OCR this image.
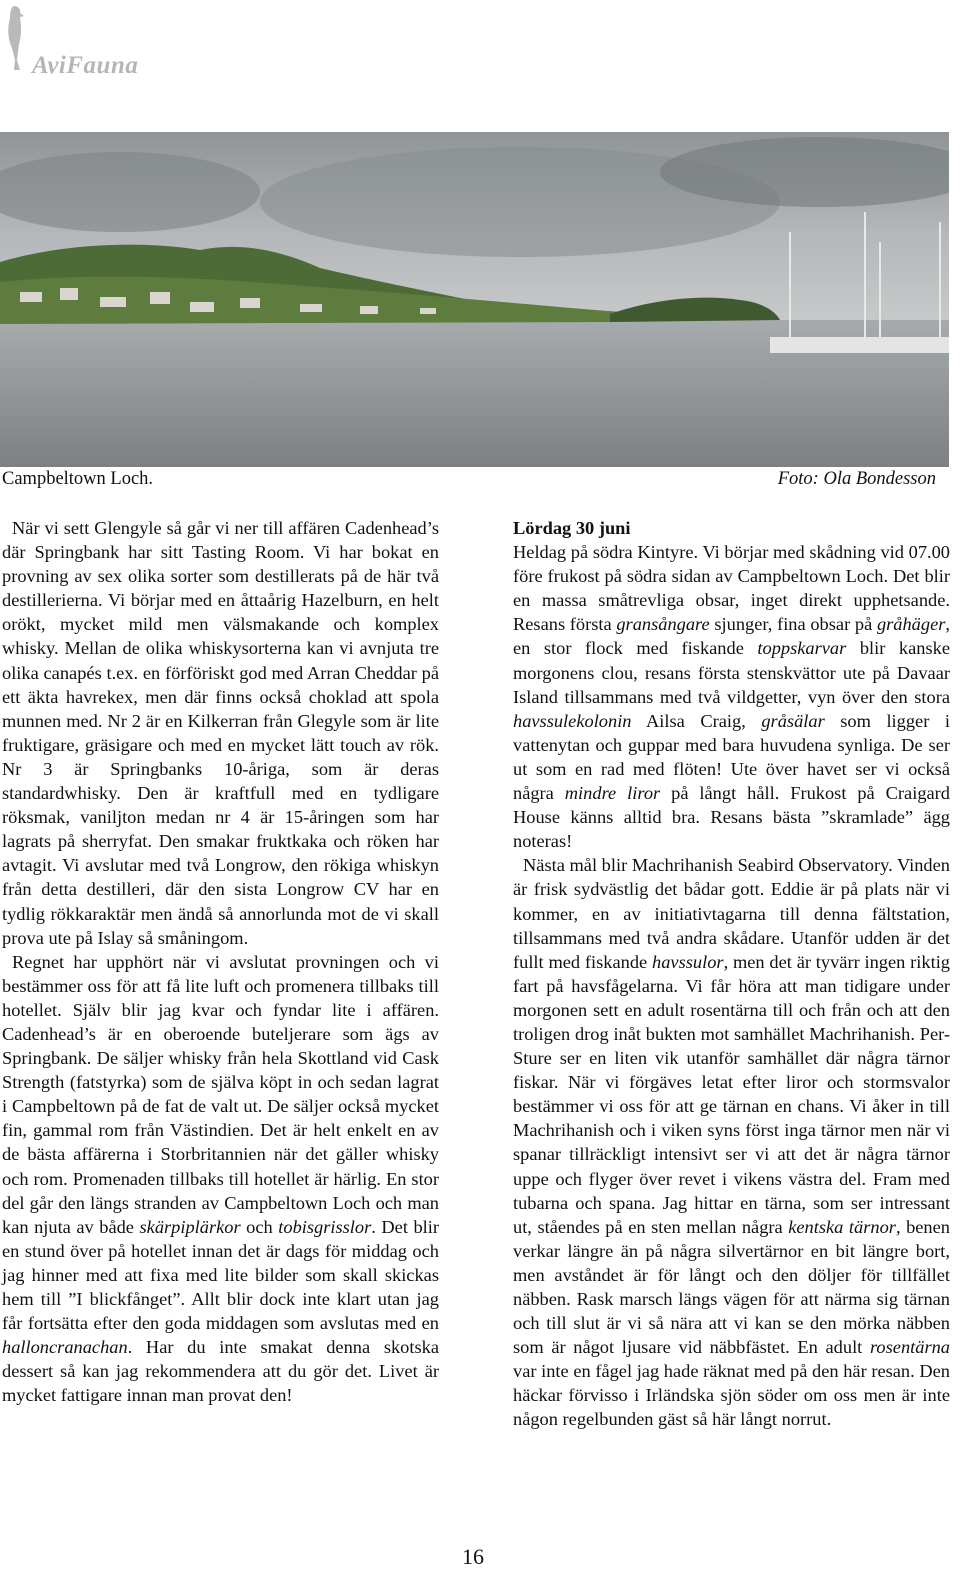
AviFauna
Campbeltown Loch.	Foto: Ola Bondesson

När vi sett Glengyle så går vi ner till affären Cadenhead’s där Springbank har sitt Tasting Room. Vi har bokat en provning av sex olika sorter som destillerats på de här två destillerierna. Vi börjar med en åttaårig Hazelburn, en helt orökt, mycket mild men välsmakande och komplex whisky. Mellan de olika whiskysorterna kan vi avnjuta tre olika canapés t.ex. en förföriskt god med Arran Cheddar på ett äkta havrekex, men där finns också choklad att spola munnen med. Nr 2 är en Kilkerran från Glegyle som är lite fruktigare, gräsigare och med en mycket lätt touch av rök. Nr 3 är Springbanks 10-åriga, som är deras standardwhisky. Den är kraftfull med en tydligare röksmak, vaniljton medan nr 4 är 15-åringen som har lagrats på sherryfat. Den smakar fruktkaka och röken har avtagit. Vi avslutar med två Longrow, den rökiga whiskyn från detta destilleri, där den sista Longrow CV har en tydlig rökkaraktär men ändå så annorlunda mot de vi skall prova ute på Islay så småningom.

Regnet har upphört när vi avslutat provningen och vi bestämmer oss för att få lite luft och promenera tillbaks till hotellet. Själv blir jag kvar och fyndar lite i affären. Cadenhead’s är en oberoende buteljerare som ägs av Springbank. De säljer whisky från hela Skottland vid Cask Strength (fatstyrka) som de själva köpt in och sedan lagrat i Campbeltown på de fat de valt ut. De säljer också mycket fin, gammal rom från Västindien. Det är helt enkelt en av de bästa affärerna i Storbritannien när det gäller whisky och rom. Promenaden tillbaks till hotellet är härlig. En stor del går den längs stranden av Campbeltown Loch och man kan njuta av både skärpiplärkor och tobisgrisslor. Det blir en stund över på hotellet innan det är dags för middag och jag hinner med att fixa med lite bilder som skall skickas hem till ”I blickfånget”. Allt blir dock inte klart utan jag får fortsätta efter den goda middagen som avslutas med en halloncranachan. Har du inte smakat denna skotska dessert så kan jag rekommendera att du gör det. Livet är mycket fattigare innan man provat den!

Lördag 30 juni

Heldag på södra Kintyre. Vi börjar med skådning vid 07.00 före frukost på södra sidan av Campbeltown Loch. Det blir en massa småtrevliga obsar, inget direkt upphetsande. Resans första gransångare sjunger, fina obsar på gråhäger, en stor flock med fiskande toppskarvar blir kanske morgonens clou, resans första stenskvättor ute på Davaar Island tillsammans med två vildgetter, vyn över den stora havssulekolonin Ailsa Craig, gråsälar som ligger i vattenytan och guppar med bara huvudena synliga. De ser ut som en rad med flöten! Ute över havet ser vi också några mindre liror på långt håll. Frukost på Craigard House känns alltid bra. Resans bästa ”skramlade” ägg noteras!

Nästa mål blir Machrihanish Seabird Observatory. Vinden är frisk sydvästlig det bådar gott. Eddie är på plats när vi kommer, en av initiativtagarna till denna fältstation, tillsammans med två andra skådare. Utanför udden är det fullt med fiskande havssulor, men det är tyvärr ingen riktig fart på havsfågelarna. Vi får höra att man tidigare under morgonen sett en adult rosentärna till och från och att den troligen drog inåt bukten mot samhället Machrihanish. Per-Sture ser en liten vik utanför samhället där några tärnor fiskar. När vi förgäves letat efter liror och stormsvalor bestämmer vi oss för att ge tärnan en chans. Vi åker in till Machrihanish och i viken syns först inga tärnor men när vi spanar tillräckligt intensivt ser vi att det är några tärnor uppe och flyger över revet i vikens västra del. Fram med tubarna och spana. Jag hittar en tärna, som ser intressant ut, ståendes på en sten mellan några kentska tärnor, benen verkar längre än på några silvertärnor en bit längre bort, men avståndet är för långt och den döljer för tillfället näbben. Rask marsch längs vägen för att närma sig tärnan och till slut är vi så nära att vi kan se den mörka näbben som är något ljusare vid näbbfästet. En adult rosentärna var inte en fågel jag hade räknat med på den här resan. Den häckar förvisso i Irländska sjön söder om oss men är inte någon regelbunden gäst så här långt norrut.

16
